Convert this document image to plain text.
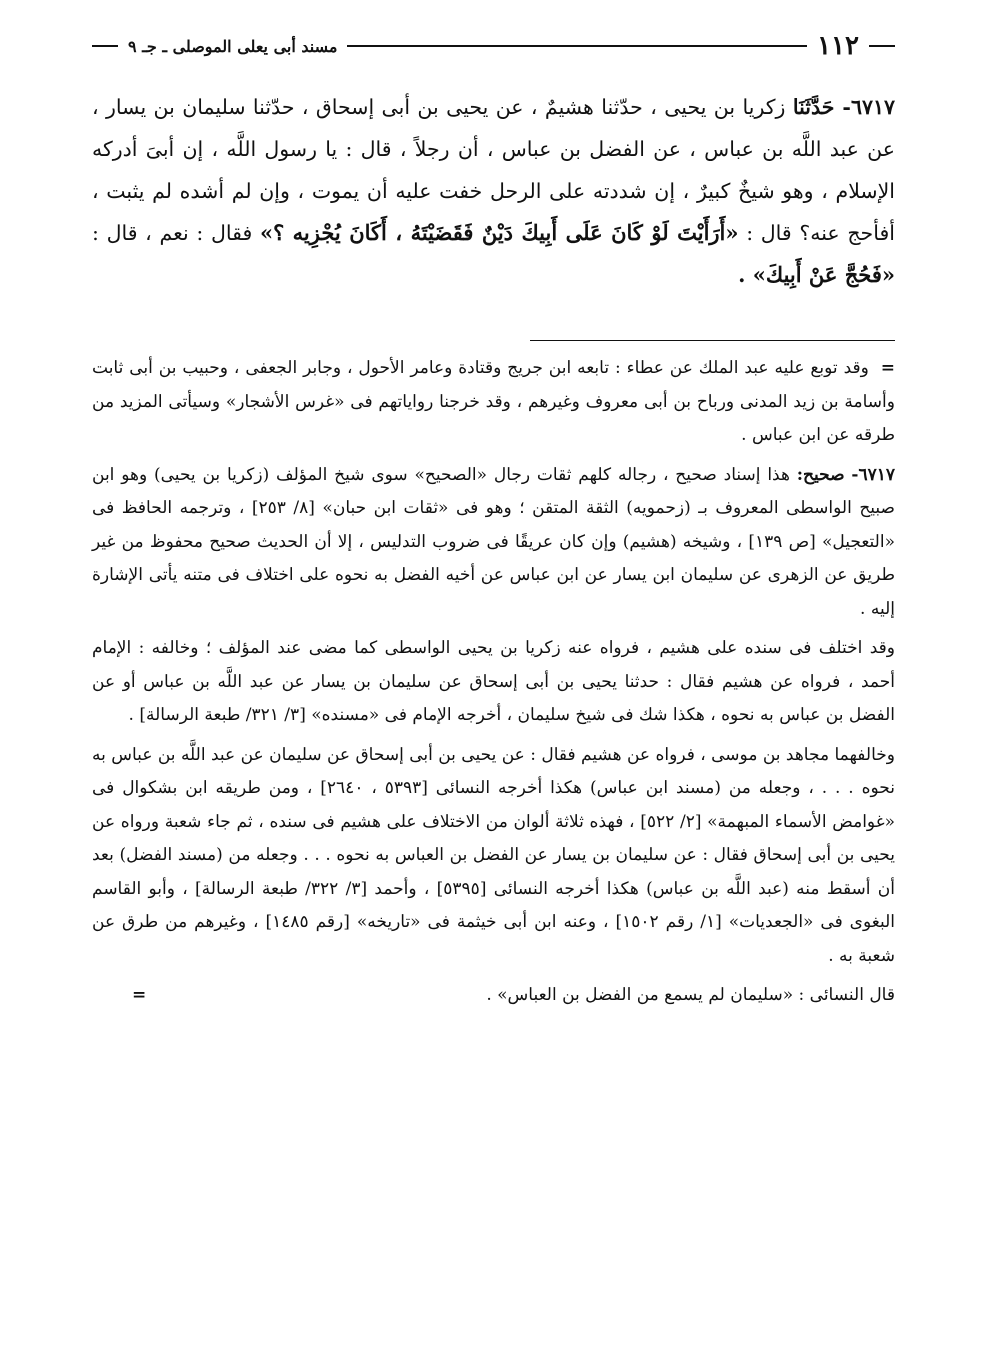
١١٢
مسند أبى يعلى الموصلى ـ جـ ٩
٦٧١٧- حَدَّثَنَا زكريا بن يحيى ، حدّثنا هشيمٌ ، عن يحيى بن أبى إسحاق ، حدّثنا سليمان بن يسار ، عن عبد اللَّه بن عباس ، عن الفضل بن عباس ، أن رجلاً ، قال : يا رسول اللَّه ، إن أبىَ أدركه الإسلام ، وهو شيخٌ كبيرٌ ، إن شددته على الرحل خفت عليه أن يموت ، وإن لم أشده لم يثبت ، أفأحج عنه؟ قال : «أَرَأَيْتَ لَوْ كَانَ عَلَى أَبِيكَ دَيْنٌ فَقَضَيْتَهُ ، أَكَانَ يُجْزِيه ؟» فقال : نعم ، قال : «فَحُجَّ عَنْ أَبِيكَ» .

= وقد توبع عليه عبد الملك عن عطاء : تابعه ابن جريج وقتادة وعامر الأحول ، وجابر الجعفى ، وحبيب بن أبى ثابت وأسامة بن زيد المدنى ورباح بن أبى معروف وغيرهم ، وقد خرجنا رواياتهم فى «غرس الأشجار» وسيأتى المزيد من طرقه عن ابن عباس .

٦٧١٧- صحيح: هذا إسناد صحيح ، رجاله كلهم ثقات رجال «الصحيح» سوى شيخ المؤلف (زكريا بن يحيى) وهو ابن صبيح الواسطى المعروف بـ (زحمويه) الثقة المتقن ؛ وهو فى «ثقات ابن حبان» [٨/ ٢٥٣] ، وترجمه الحافظ فى «التعجيل» [ص ١٣٩] ، وشيخه (هشيم) وإن كان عريقًا فى ضروب التدليس ، إلا أن الحديث صحيح محفوظ من غير طريق عن الزهرى عن سليمان ابن يسار عن ابن عباس عن أخيه الفضل به نحوه على اختلاف فى متنه يأتى الإشارة إليه .

وقد اختلف فى سنده على هشيم ، فرواه عنه زكريا بن يحيى الواسطى كما مضى عند المؤلف ؛ وخالفه : الإمام أحمد ، فرواه عن هشيم فقال : حدثنا يحيى بن أبى إسحاق عن سليمان بن يسار عن عبد اللَّه بن عباس أو عن الفضل بن عباس به نحوه ، هكذا شك فى شيخ سليمان ، أخرجه الإمام فى «مسنده» [٣/ ٣٢١/ طبعة الرسالة] .

وخالفهما مجاهد بن موسى ، فرواه عن هشيم فقال : عن يحيى بن أبى إسحاق عن سليمان عن عبد اللَّه بن عباس به نحوه . . . ، وجعله من (مسند ابن عباس) هكذا أخرجه النسائى [٥٣٩٣ ، ٢٦٤٠] ، ومن طريقه ابن بشكوال فى «غوامض الأسماء المبهمة» [٢/ ٥٢٢] ، فهذه ثلاثة ألوان من الاختلاف على هشيم فى سنده ، ثم جاء شعبة ورواه عن يحيى بن أبى إسحاق فقال : عن سليمان بن يسار عن الفضل بن العباس به نحوه . . . وجعله من (مسند الفضل) بعد أن أسقط منه (عبد اللَّه بن عباس) هكذا أخرجه النسائى [٥٣٩٥] ، وأحمد [٣/ ٣٢٢/ طبعة الرسالة] ، وأبو القاسم البغوى فى «الجعديات» [١/ رقم ١٥٠٢] ، وعنه ابن أبى خيثمة فى «تاريخه» [رقم ١٤٨٥] ، وغيرهم من طرق عن شعبة به .

قال النسائى : «سليمان لم يسمع من الفضل بن العباس» .
=
